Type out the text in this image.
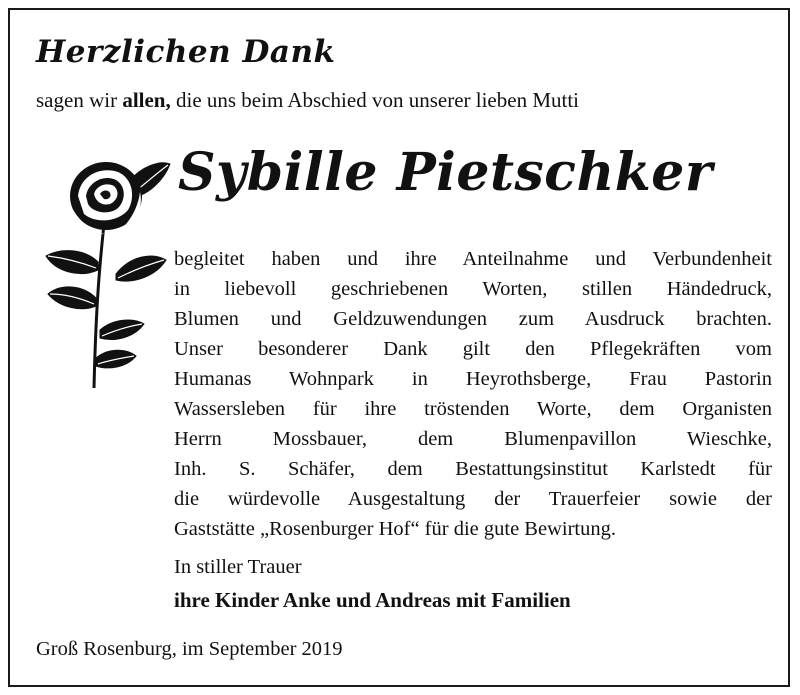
Herzlichen Dank
sagen wir allen, die uns beim Abschied von unserer lieben Mutti
Sybille Pietschker
begleitet haben und ihre Anteilnahme und Verbundenheit
in liebevoll geschriebenen Worten, stillen Händedruck,
Blumen und Geldzuwendungen zum Ausdruck brachten.
Unser besonderer Dank gilt den Pflegekräften vom
Humanas Wohnpark in Heyrothsberge, Frau Pastorin
Wassersleben für ihre tröstenden Worte, dem Organisten
Herrn Mossbauer, dem Blumenpavillon Wieschke,
Inh. S. Schäfer, dem Bestattungsinstitut Karlstedt für
die würdevolle Ausgestaltung der Trauerfeier sowie der
Gaststätte „Rosenburger Hof“ für die gute Bewirtung.
In stiller Trauer
ihre Kinder Anke und Andreas mit Familien
Groß Rosenburg, im September 2019
